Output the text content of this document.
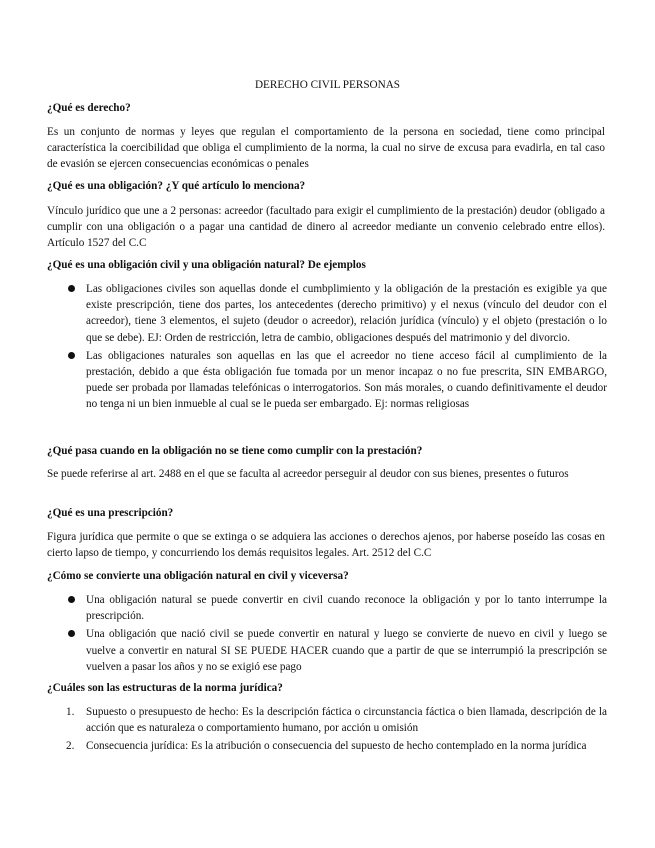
DERECHO CIVIL PERSONAS
¿Qué es derecho?
Es un conjunto de normas y leyes que regulan el comportamiento de la persona en sociedad, tiene como principal característica la coercibilidad que obliga el cumplimiento de la norma, la cual no sirve de excusa para evadirla, en tal caso de evasión se ejercen consecuencias económicas o penales
¿Qué es una obligación? ¿Y qué artículo lo menciona?
Vínculo jurídico que une a 2 personas: acreedor (facultado para exigir el cumplimiento de la prestación) deudor (obligado a cumplir con una obligación o a pagar una cantidad de dinero al acreedor mediante un convenio celebrado entre ellos). Artículo 1527 del C.C
¿Qué es una obligación civil y una obligación natural? De ejemplos
Las obligaciones civiles son aquellas donde el cumbplimiento y la obligación de la prestación es exigible ya que existe prescripción, tiene dos partes, los antecedentes (derecho primitivo) y el nexus (vínculo del deudor con el acreedor), tiene 3 elementos, el sujeto (deudor o acreedor), relación jurídica (vínculo) y el objeto (prestación o lo que se debe). EJ: Orden de restricción, letra de cambio, obligaciones después del matrimonio y del divorcio.
Las obligaciones naturales son aquellas en las que el acreedor no tiene acceso fácil al cumplimiento de la prestación, debido a que ésta obligación fue tomada por un menor incapaz o no fue prescrita, SIN EMBARGO, puede ser probada por llamadas telefónicas o interrogatorios. Son más morales, o cuando definitivamente el deudor no tenga ni un bien inmueble al cual se le pueda ser embargado. Ej: normas religiosas
¿Qué pasa cuando en la obligación no se tiene como cumplir con la prestación?
Se puede referirse al art. 2488 en el que se faculta al acreedor perseguir al deudor con sus bienes, presentes o futuros
¿Qué es una prescripción?
Figura jurídica que permite o que se extinga o se adquiera las acciones o derechos ajenos, por haberse poseído las cosas en cierto lapso de tiempo, y concurriendo los demás requisitos legales. Art. 2512 del C.C
¿Cómo se convierte una obligación natural en civil y viceversa?
Una obligación natural se puede convertir en civil cuando reconoce la obligación y por lo tanto interrumpe la prescripción.
Una obligación que nació civil se puede convertir en natural y luego se convierte de nuevo en civil y luego se vuelve a convertir en natural SI SE PUEDE HACER cuando que a partir de que se interrumpió la prescripción se vuelven a pasar los años y no se exigió ese pago
¿Cuáles son las estructuras de la norma jurídica?
1. Supuesto o presupuesto de hecho: Es la descripción fáctica o circunstancia fáctica o bien llamada, descripción de la acción que es naturaleza o comportamiento humano, por acción u omisión
2. Consecuencia jurídica: Es la atribución o consecuencia del supuesto de hecho contemplado en la norma jurídica
